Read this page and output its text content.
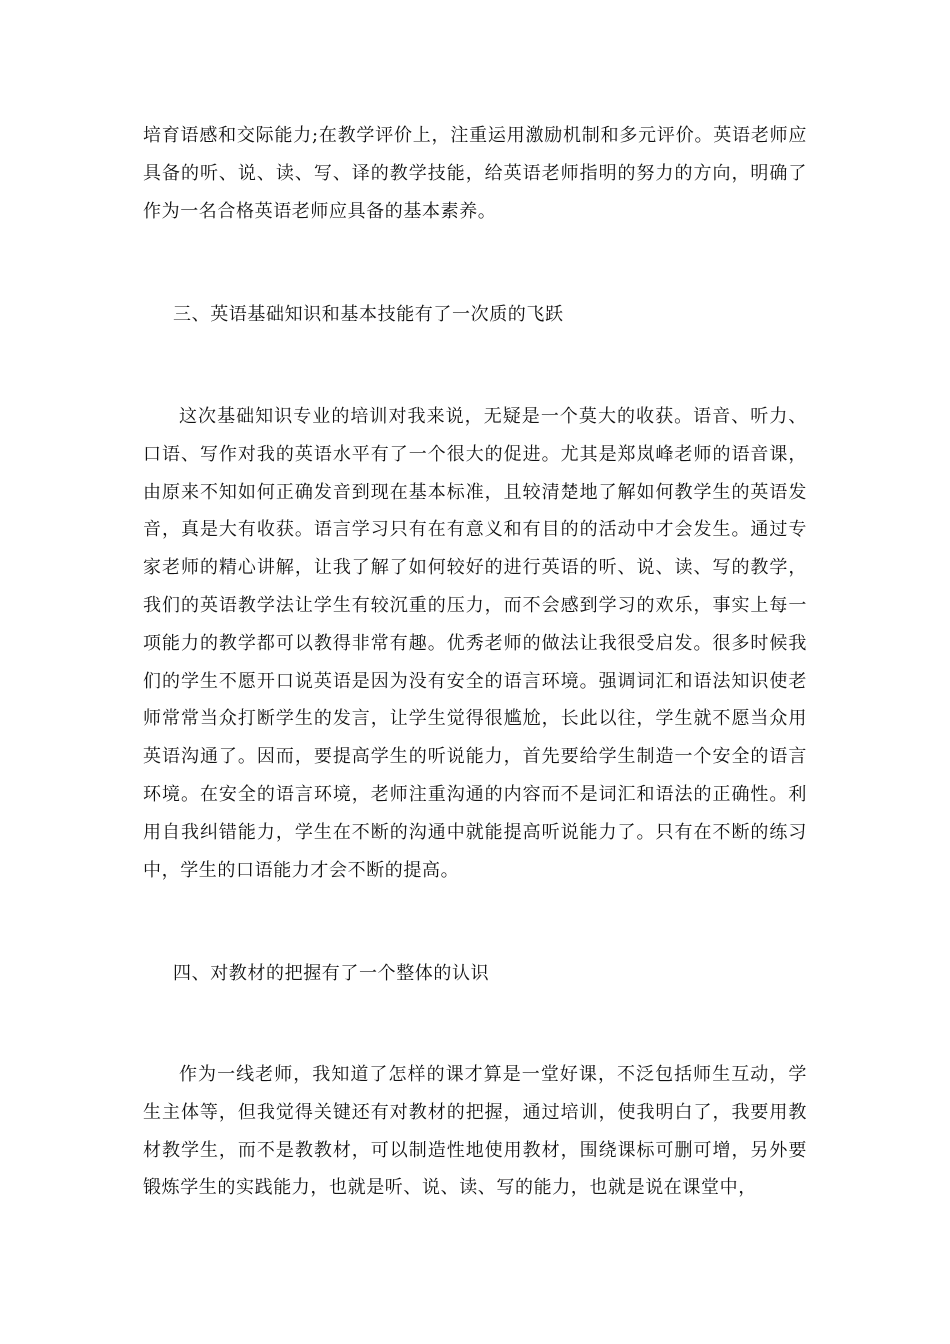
培育语感和交际能力;在教学评价上，注重运用激励机制和多元评价。英语老师应具备的听、说、读、写、译的教学技能，给英语老师指明的努力的方向，明确了作为一名合格英语老师应具备的基本素养。

三、英语基础知识和基本技能有了一次质的飞跃

这次基础知识专业的培训对我来说，无疑是一个莫大的收获。语音、听力、口语、写作对我的英语水平有了一个很大的促进。尤其是郑岚峰老师的语音课，由原来不知如何正确发音到现在基本标准，且较清楚地了解如何教学生的英语发音，真是大有收获。语言学习只有在有意义和有目的的活动中才会发生。通过专家老师的精心讲解，让我了解了如何较好的进行英语的听、说、读、写的教学，我们的英语教学法让学生有较沉重的压力，而不会感到学习的欢乐，事实上每一项能力的教学都可以教得非常有趣。优秀老师的做法让我很受启发。很多时候我们的学生不愿开口说英语是因为没有安全的语言环境。强调词汇和语法知识使老师常常当众打断学生的发言，让学生觉得很尴尬，长此以往，学生就不愿当众用英语沟通了。因而，要提高学生的听说能力，首先要给学生制造一个安全的语言环境。在安全的语言环境，老师注重沟通的内容而不是词汇和语法的正确性。利用自我纠错能力，学生在不断的沟通中就能提高听说能力了。只有在不断的练习中，学生的口语能力才会不断的提高。

四、对教材的把握有了一个整体的认识

作为一线老师，我知道了怎样的课才算是一堂好课，不泛包括师生互动，学生主体等，但我觉得关键还有对教材的把握，通过培训，使我明白了，我要用教材教学生，而不是教教材，可以制造性地使用教材，围绕课标可删可增，另外要锻炼学生的实践能力，也就是听、说、读、写的能力，也就是说在课堂中，
